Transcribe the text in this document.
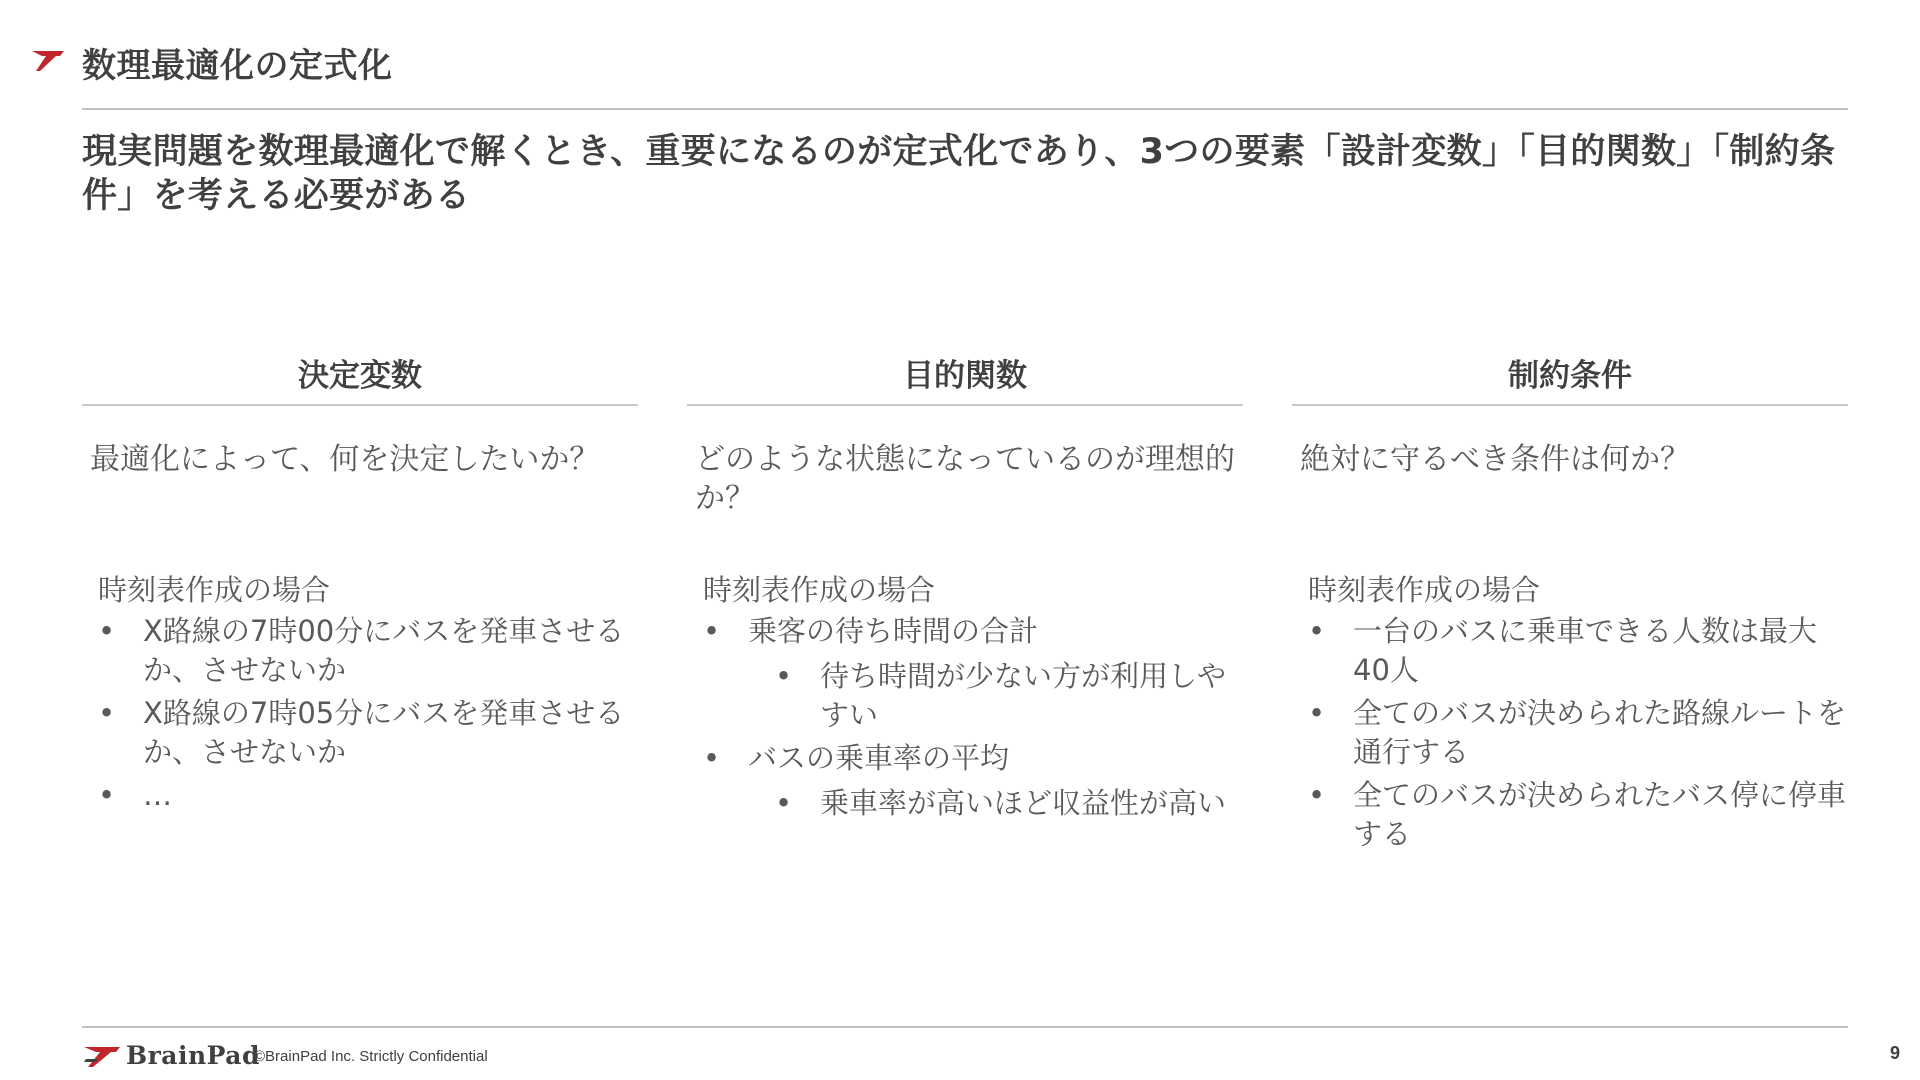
数理最適化の定式化
現実問題を数理最適化で解くとき、重要になるのが定式化であり、3つの要素「設計変数」「目的関数」「制約条件」を考える必要がある
決定変数
最適化によって、何を決定したいか？
時刻表作成の場合
• X路線の7時00分にバスを発車させるか、させないか
• X路線の7時05分にバスを発車させるか、させないか
• …
目的関数
どのような状態になっているのが理想的か？
時刻表作成の場合
• 乗客の待ち時間の合計
• 待ち時間が少ない方が利用しやすい
• バスの乗車率の平均
• 乗車率が高いほど収益性が高い
制約条件
絶対に守るべき条件は何か？
時刻表作成の場合
• 一台のバスに乗車できる人数は最大40人
• 全てのバスが決められた路線ルートを通行する
• 全てのバスが決められたバス停に停車する
BrainPad
©BrainPad Inc. Strictly Confidential	9
